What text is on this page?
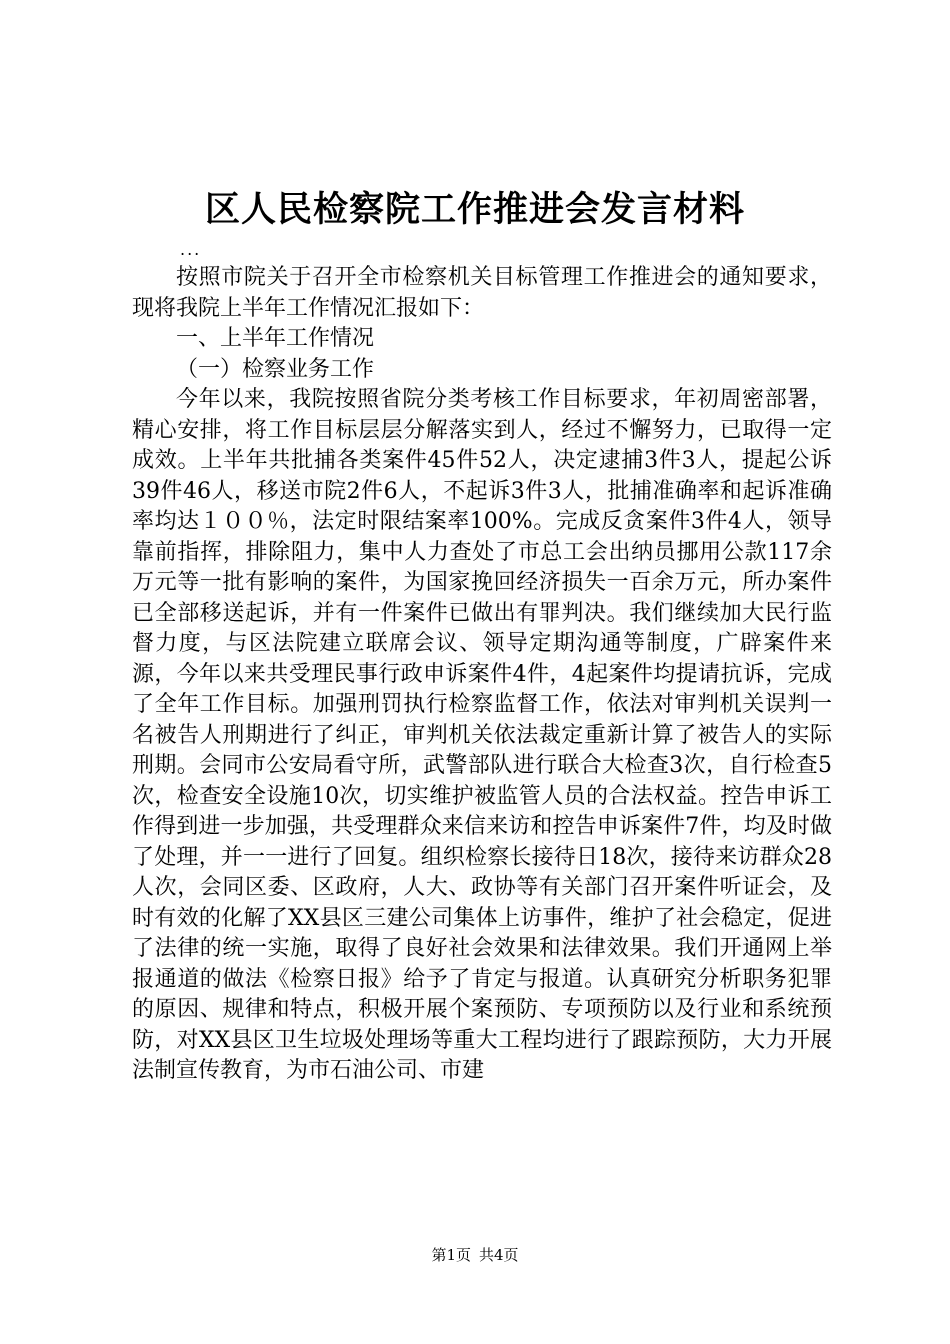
区人民检察院工作推进会发言材料
...

按照市院关于召开全市检察机关目标管理工作推进会的通知要求，现将我院上半年工作情况汇报如下：

一、上半年工作情况

（一）检察业务工作

今年以来，我院按照省院分类考核工作目标要求，年初周密部署，精心安排，将工作目标层层分解落实到人，经过不懈努力，已取得一定成效。上半年共批捕各类案件45件52人，决定逮捕3件3人，提起公诉39件46人，移送市院2件6人，不起诉3件3人，批捕准确率和起诉准确率均达１００％，法定时限结案率100%。完成反贪案件3件4人，领导靠前指挥，排除阻力，集中人力查处了市总工会出纳员挪用公款117余万元等一批有影响的案件，为国家挽回经济损失一百余万元，所办案件已全部移送起诉，并有一件案件已做出有罪判决。我们继续加大民行监督力度，与区法院建立联席会议、领导定期沟通等制度，广辟案件来源，今年以来共受理民事行政申诉案件4件，4起案件均提请抗诉，完成了全年工作目标。加强刑罚执行检察监督工作，依法对审判机关误判一名被告人刑期进行了纠正，审判机关依法裁定重新计算了被告人的实际刑期。会同市公安局看守所，武警部队进行联合大检查3次，自行检查5次，检查安全设施10次，切实维护被监管人员的合法权益。控告申诉工作得到进一步加强，共受理群众来信来访和控告申诉案件7件，均及时做了处理，并一一进行了回复。组织检察长接待日18次，接待来访群众28人次，会同区委、区政府，人大、政协等有关部门召开案件听证会，及时有效的化解了XX县区三建公司集体上访事件，维护了社会稳定，促进了法律的统一实施，取得了良好社会效果和法律效果。我们开通网上举报通道的做法《检察日报》给予了肯定与报道。认真研究分析职务犯罪的原因、规律和特点，积极开展个案预防、专项预防以及行业和系统预防，对XX县区卫生垃圾处理场等重大工程均进行了跟踪预防，大力开展法制宣传教育，为市石油公司、市建

第1页 共4页
